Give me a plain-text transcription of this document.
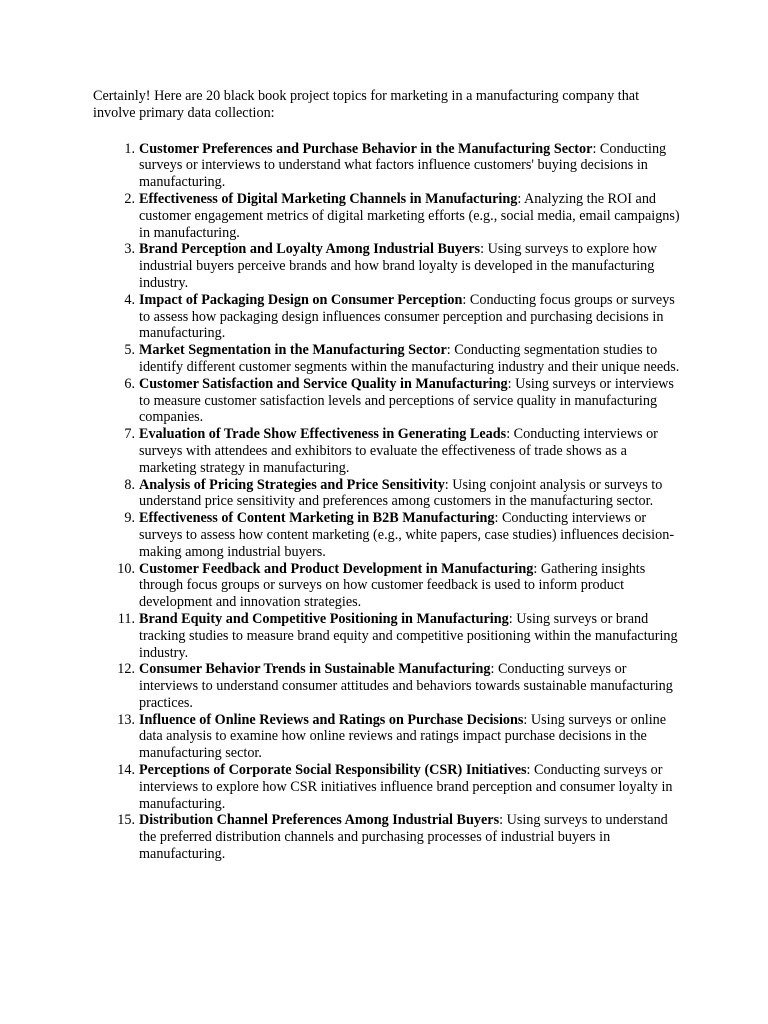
Certainly! Here are 20 black book project topics for marketing in a manufacturing company that involve primary data collection:

1. Customer Preferences and Purchase Behavior in the Manufacturing Sector: Conducting surveys or interviews to understand what factors influence customers' buying decisions in manufacturing.
2. Effectiveness of Digital Marketing Channels in Manufacturing: Analyzing the ROI and customer engagement metrics of digital marketing efforts (e.g., social media, email campaigns) in manufacturing.
3. Brand Perception and Loyalty Among Industrial Buyers: Using surveys to explore how industrial buyers perceive brands and how brand loyalty is developed in the manufacturing industry.
4. Impact of Packaging Design on Consumer Perception: Conducting focus groups or surveys to assess how packaging design influences consumer perception and purchasing decisions in manufacturing.
5. Market Segmentation in the Manufacturing Sector: Conducting segmentation studies to identify different customer segments within the manufacturing industry and their unique needs.
6. Customer Satisfaction and Service Quality in Manufacturing: Using surveys or interviews to measure customer satisfaction levels and perceptions of service quality in manufacturing companies.
7. Evaluation of Trade Show Effectiveness in Generating Leads: Conducting interviews or surveys with attendees and exhibitors to evaluate the effectiveness of trade shows as a marketing strategy in manufacturing.
8. Analysis of Pricing Strategies and Price Sensitivity: Using conjoint analysis or surveys to understand price sensitivity and preferences among customers in the manufacturing sector.
9. Effectiveness of Content Marketing in B2B Manufacturing: Conducting interviews or surveys to assess how content marketing (e.g., white papers, case studies) influences decision-making among industrial buyers.
10. Customer Feedback and Product Development in Manufacturing: Gathering insights through focus groups or surveys on how customer feedback is used to inform product development and innovation strategies.
11. Brand Equity and Competitive Positioning in Manufacturing: Using surveys or brand tracking studies to measure brand equity and competitive positioning within the manufacturing industry.
12. Consumer Behavior Trends in Sustainable Manufacturing: Conducting surveys or interviews to understand consumer attitudes and behaviors towards sustainable manufacturing practices.
13. Influence of Online Reviews and Ratings on Purchase Decisions: Using surveys or online data analysis to examine how online reviews and ratings impact purchase decisions in the manufacturing sector.
14. Perceptions of Corporate Social Responsibility (CSR) Initiatives: Conducting surveys or interviews to explore how CSR initiatives influence brand perception and consumer loyalty in manufacturing.
15. Distribution Channel Preferences Among Industrial Buyers: Using surveys to understand the preferred distribution channels and purchasing processes of industrial buyers in manufacturing.
